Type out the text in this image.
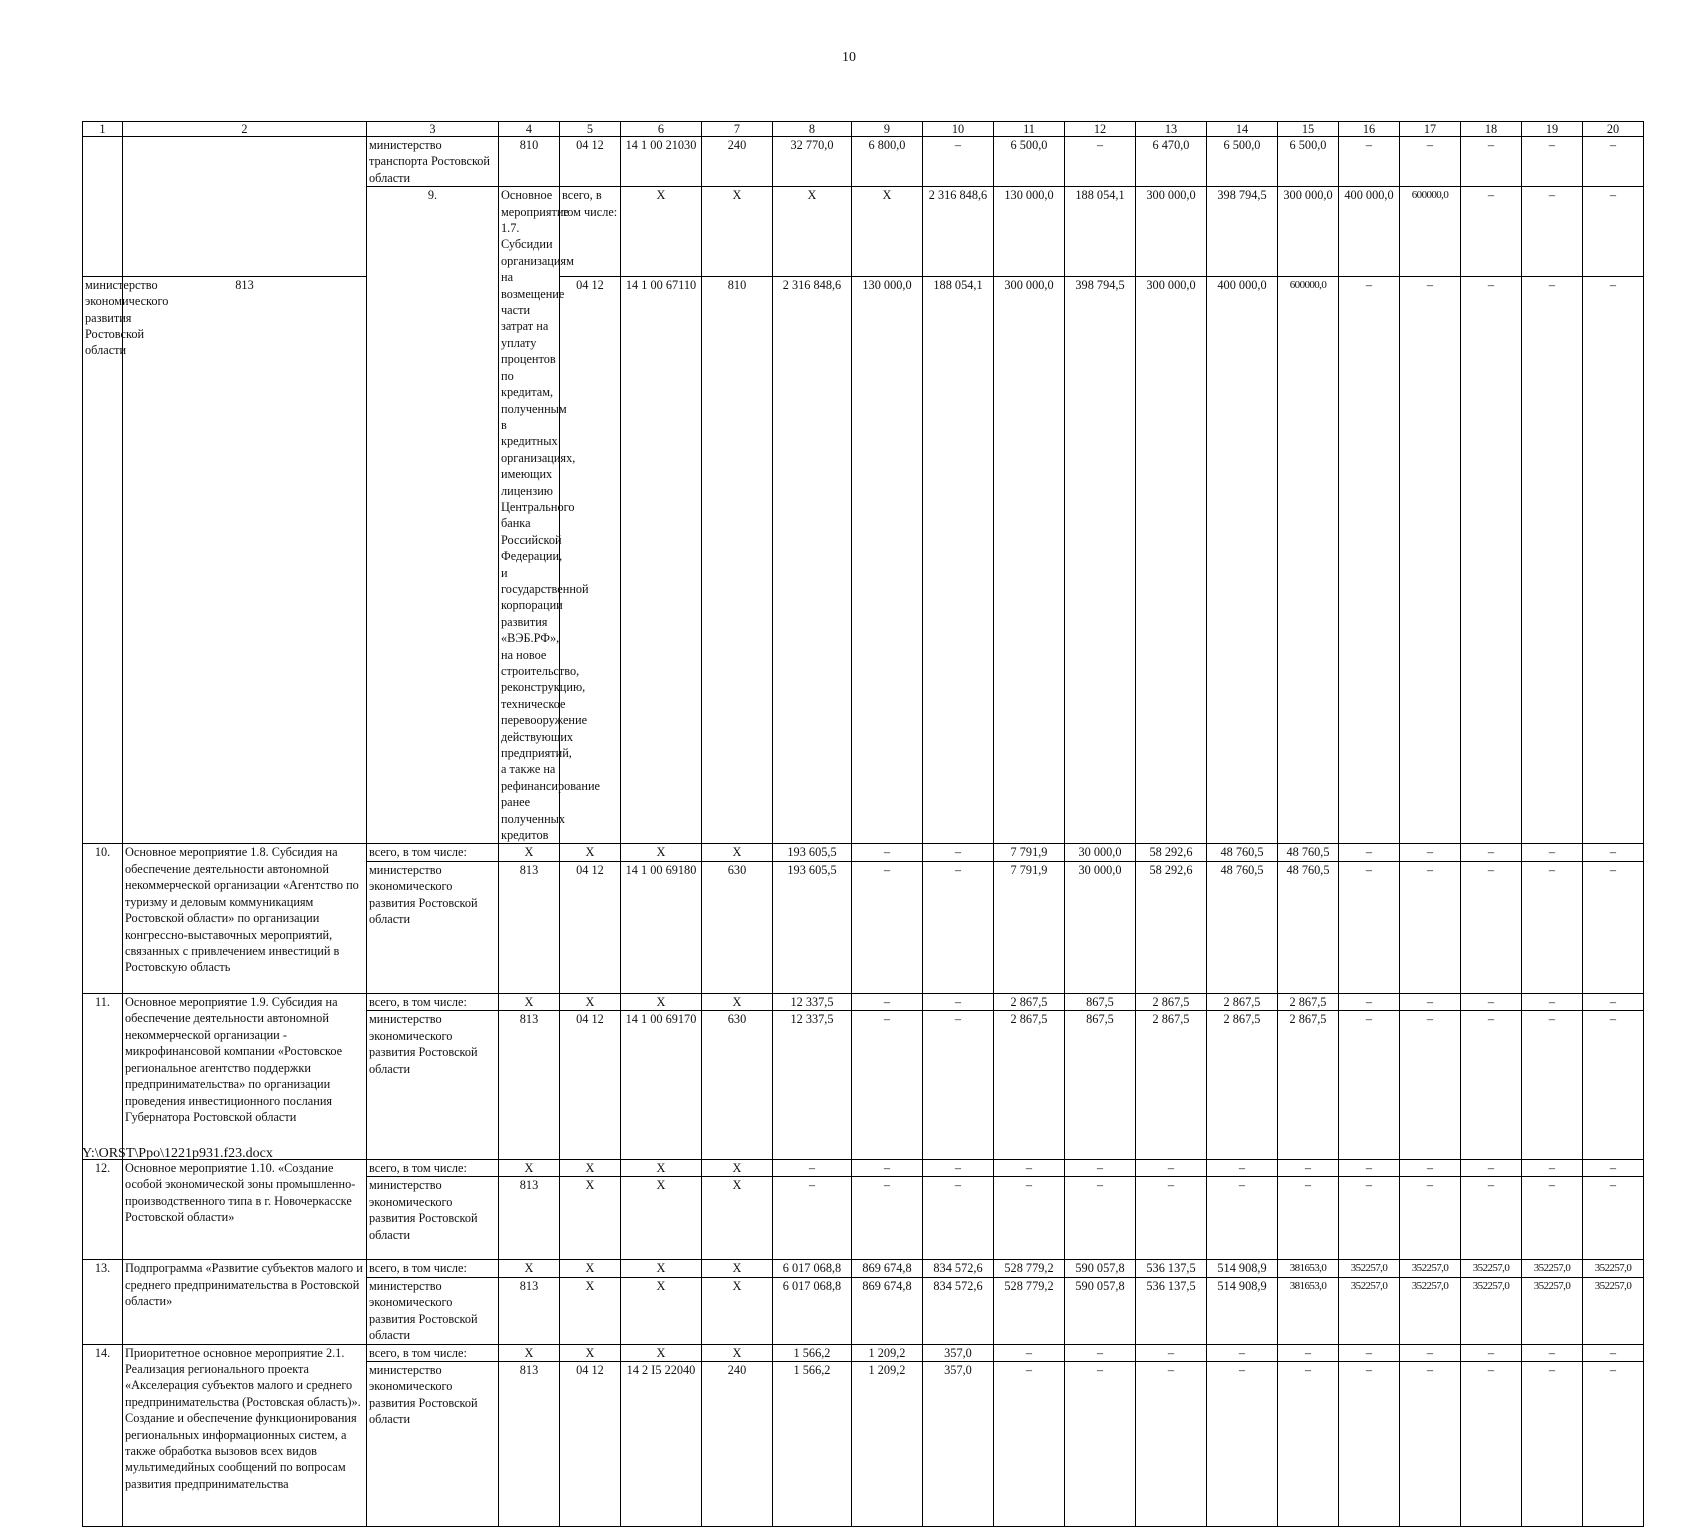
10
1	2	3	4	5	6	7	8	9	10	11	12	13	14	15	16	17	18	19	20	
		министерство транспорта Ростовской области	810	04 12	14 1 00 21030	240	32 770,0	6 800,0	–	6 500,0	–	6 470,0	6 500,0	6 500,0	–	–	–	–	–	
		9.	Основное мероприятие 1.7. Субсидии организациям на возмещение части затрат на уплату процентов по кредитам, полученным в кредитных организациях, имеющих лицензию Центрального банка Российской Федерации, и государственной корпорации развития «ВЭБ.РФ», на новое строительство, реконструкцию, техническое перевооружение действующих предприятий, а также на рефинансирование ранее полученных кредитов	всего, в том числе:	X	X	X	X	2 316 848,6	130 000,0	188 054,1	300 000,0	398 794,5	300 000,0	400 000,0	600000,0	–	–	–		
министерство экономического развития Ростовской области	813			04 12	14 1 00 67110	810	2 316 848,6	130 000,0	188 054,1	300 000,0	398 794,5	300 000,0	400 000,0	600000,0	–	–	–	–	–	
10.	Основное мероприятие 1.8. Субсидия на обеспечение деятельности автономной некоммерческой организации «Агентство по туризму и деловым коммуникациям Ростовской области» по организации конгрессно-выставочных мероприятий, связанных с привлечением инвестиций в Ростовскую область	всего, в том числе:	X	X	X	X	193 605,5	–	–	7 791,9	30 000,0	58 292,6	48 760,5	48 760,5	–	–	–	–	–	
		министерство экономического развития Ростовской области	813	04 12	14 1 00 69180	630	193 605,5	–	–	7 791,9	30 000,0	58 292,6	48 760,5	48 760,5	–	–	–	–	–	
11.	Основное мероприятие 1.9. Субсидия на обеспечение деятельности автономной некоммерческой организации - микрофинансовой компании «Ростовское региональное агентство поддержки предпринимательства» по организации проведения инвестиционного послания Губернатора Ростовской области	всего, в том числе:	X	X	X	X	12 337,5	–	–	2 867,5	867,5	2 867,5	2 867,5	2 867,5	–	–	–	–	–	
		министерство экономического развития Ростовской области	813	04 12	14 1 00 69170	630	12 337,5	–	–	2 867,5	867,5	2 867,5	2 867,5	2 867,5	–	–	–	–	–	
12.	Основное мероприятие 1.10. «Создание особой экономической зоны промышленно-производственного типа в г. Новочеркасске Ростовской области»	всего, в том числе:	X	X	X	X	–	–	–	–	–	–	–	–	–	–	–	–	–	
		министерство экономического развития Ростовской области	813	X	X	X	–	–	–	–	–	–	–	–	–	–	–	–	–	
13.	Подпрограмма «Развитие субъектов малого и среднего предпринимательства в Ростовской области»	всего, в том числе:	X	X	X	X	6 017 068,8	869 674,8	834 572,6	528 779,2	590 057,8	536 137,5	514 908,9	381653,0	352257,0	352257,0	352257,0	352257,0	352257,0	
		министерство экономического развития Ростовской области	813	X	X	X	6 017 068,8	869 674,8	834 572,6	528 779,2	590 057,8	536 137,5	514 908,9	381653,0	352257,0	352257,0	352257,0	352257,0	352257,0	
14.	Приоритетное основное мероприятие 2.1. Реализация регионального проекта «Акселерация субъектов малого и среднего предпринимательства (Ростовская область)». Создание и обеспечение функционирования региональных информационных систем, а также обработка вызовов всех видов мультимедийных сообщений по вопросам развития предпринимательства	всего, в том числе:	X	X	X	X	1 566,2	1 209,2	357,0	–	–	–	–	–	–	–	–	–	–	
		министерство экономического развития Ростовской области	813	04 12	14 2 I5 22040	240	1 566,2	1 209,2	357,0	–	–	–	–	–	–	–	–	–	–	
Y:\ORST\Ppo\1221p931.f23.docx
